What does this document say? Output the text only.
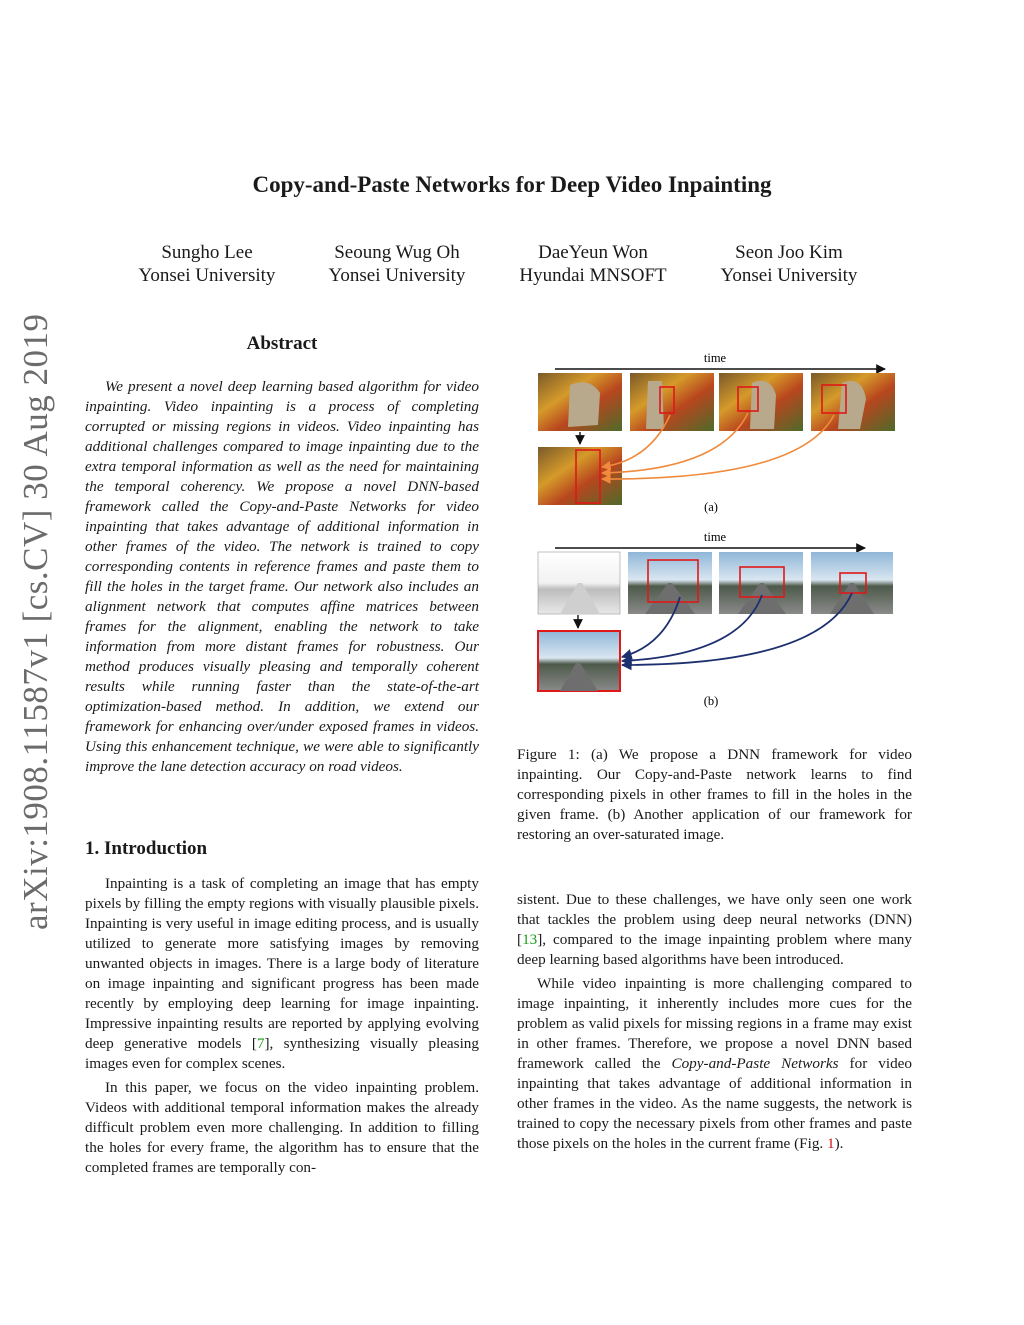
Copy-and-Paste Networks for Deep Video Inpainting
Sungho Lee
Yonsei University
Seoung Wug Oh
Yonsei University
DaeYeun Won
Hyundai MNSOFT
Seon Joo Kim
Yonsei University
arXiv:1908.11587v1 [cs.CV] 30 Aug 2019	Abstract

We present a novel deep learning based algorithm for video inpainting. Video inpainting is a process of completing corrupted or missing regions in videos. Video inpainting has additional challenges compared to image inpainting due to the extra temporal information as well as the need for maintaining the temporal coherency. We propose a novel DNN-based framework called the Copy-and-Paste Networks for video inpainting that takes advantage of additional information in other frames of the video. The network is trained to copy corresponding contents in reference frames and paste them to fill the holes in the target frame. Our network also includes an alignment network that computes affine matrices between frames for the alignment, enabling the network to take information from more distant frames for robustness. Our method produces visually pleasing and temporally coherent results while running faster than the state-of-the-art optimization-based method. In addition, we extend our framework for enhancing over/under exposed frames in videos. Using this enhancement technique, we were able to significantly improve the lane detection accuracy on road videos.

1. Introduction

Inpainting is a task of completing an image that has empty pixels by filling the empty regions with visually plausible pixels. Inpainting is very useful in image editing process, and is usually utilized to generate more satisfying images by removing unwanted objects in images. There is a large body of literature on image inpainting and significant progress has been made recently by employing deep learning for image inpainting. Impressive inpainting results are reported by applying evolving deep generative models [7], synthesizing visually pleasing images even for complex scenes.

In this paper, we focus on the video inpainting problem. Videos with additional temporal information makes the already difficult problem even more challenging. In addition to filling the holes for every frame, the algorithm has to ensure that the completed frames are temporally con-

time
(a)
time
(b)
Figure 1: (a) We propose a DNN framework for video inpainting. Our Copy-and-Paste network learns to find corresponding pixels in other frames to fill in the holes in the given frame. (b) Another application of our framework for restoring an over-saturated image.

sistent. Due to these challenges, we have only seen one work that tackles the problem using deep neural networks (DNN) [13], compared to the image inpainting problem where many deep learning based algorithms have been introduced.

While video inpainting is more challenging compared to image inpainting, it inherently includes more cues for the problem as valid pixels for missing regions in a frame may exist in other frames. Therefore, we propose a novel DNN based framework called the Copy-and-Paste Networks for video inpainting that takes advantage of additional information in other frames in the video. As the name suggests, the network is trained to copy the necessary pixels from other frames and paste those pixels on the holes in the current frame (Fig. 1).
